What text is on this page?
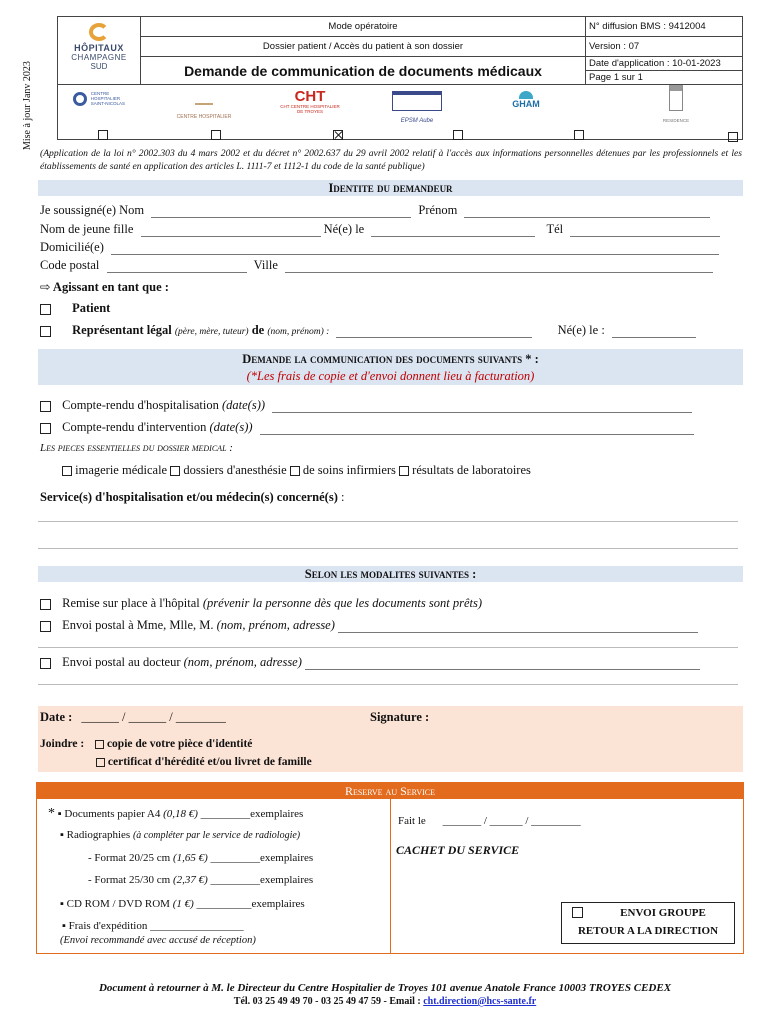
Mise à jour Janv 2023
HÔPITAUX
CHAMPAGNE
SUD
Mode opératoire	N° diffusion BMS : 9412004
Dossier patient / Accès du patient à son dossier	Version : 07
Demande de communication de documents médicaux	Date d'application : 10-01-2023
Page 1 sur 1
CENTRE HOSPITALIER SAINT-NICOLAS
CENTRE HOSPITALIER
CHT
CHT CENTRE HOSPITALIER DE TROYES
EPSM Aube
GHAM
RESIDENCE

(Application de la loi n° 2002.303 du 4 mars 2002 et du décret n° 2002.637 du 29 avril 2002 relatif à l'accès aux informations personnelles détenues par les professionnels et les établissements de santé en application des articles L. 1111-7 et 1112-1 du code de la santé publique)
Identite du demandeur
Je soussigné(e) Nom	Prénom
Nom de jeune fille	Né(e) le	Tél
Domicilié(e)
Code postal	Ville
⇨ Agissant en tant que :
Patient
Représentant légal (père, mère, tuteur) de (nom, prénom) :	Né(e) le :
Demande la communication des documents suivants * :
(*Les frais de copie et d'envoi donnent lieu à facturation)
Compte-rendu d'hospitalisation (date(s))
Compte-rendu d'intervention (date(s))
Les pieces essentielles du dossier medical :
imagerie médicale dossiers d'anesthésie de soins infirmiers résultats de laboratoires
Service(s) d'hospitalisation et/ou médecin(s) concerné(s) :
Selon les modalites suivantes :
Remise sur place à l'hôpital (prévenir la personne dès que les documents sont prêts)
Envoi postal à Mme, Mlle, M. (nom, prénom, adresse)
Envoi postal au docteur (nom, prénom, adresse)
Date : ______ / ______ / ________	Signature :
Joindre : copie de votre pièce d'identité
certificat d'hérédité et/ou livret de famille
Reserve au Service
* ▪ Documents papier A4 (0,18 €) _________exemplaires
▪ Radiographies (à compléter par le service de radiologie)
- Format 20/25 cm (1,65 €) _________exemplaires
- Format 25/30 cm (2,37 €) _________exemplaires
▪ CD ROM / DVD ROM (1 €) __________exemplaires
▪ Frais d'expédition _________________
(Envoi recommandé avec accusé de réception)
Fait le _______ / ______ / _________
CACHET DU SERVICE
ENVOI GROUPE
RETOUR A LA DIRECTION
Document à retourner à M. le Directeur du Centre Hospitalier de Troyes 101 avenue Anatole France 10003 TROYES CEDEX
Tél. 03 25 49 49 70 - 03 25 49 47 59 - Email : cht.direction@hcs-sante.fr
